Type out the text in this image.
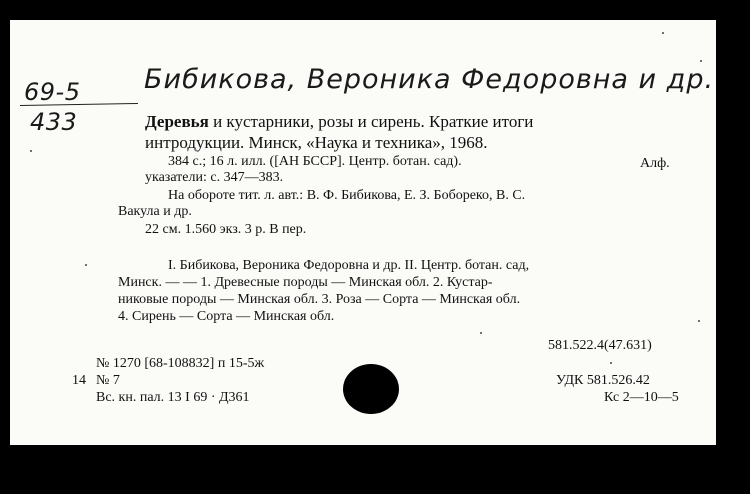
69-5
433
Бибикова, Вероника Федоровна и др.
Деревья и кустарники, розы и сирень. Краткие итоги
интродукции. Минск, «Наука и техника», 1968.
384 с.; 16 л. илл. ([АН БССР]. Центр. ботан. сад).	Алф.
указатели: с. 347—383.
На обороте тит. л. авт.: В. Ф. Бибикова, Е. З. Бобореко, В. С.
Вакула и др.
22 см. 1.560 экз. 3 р. В пер.
I. Бибикова, Вероника Федоровна и др. II. Центр. ботан. сад,
Минск. — — 1. Древесные породы — Минская обл. 2. Кустар-
никовые породы — Минская обл. 3. Роза — Сорта — Минская обл.
4. Сирень — Сорта — Минская обл.
581.522.4(47.631)
№ 1270 [68-108832] п 15-5ж
14 № 7	УДК 581.526.42
Вс. кн. пал. 13 I 69 · Д361	Кс 2—10—5
